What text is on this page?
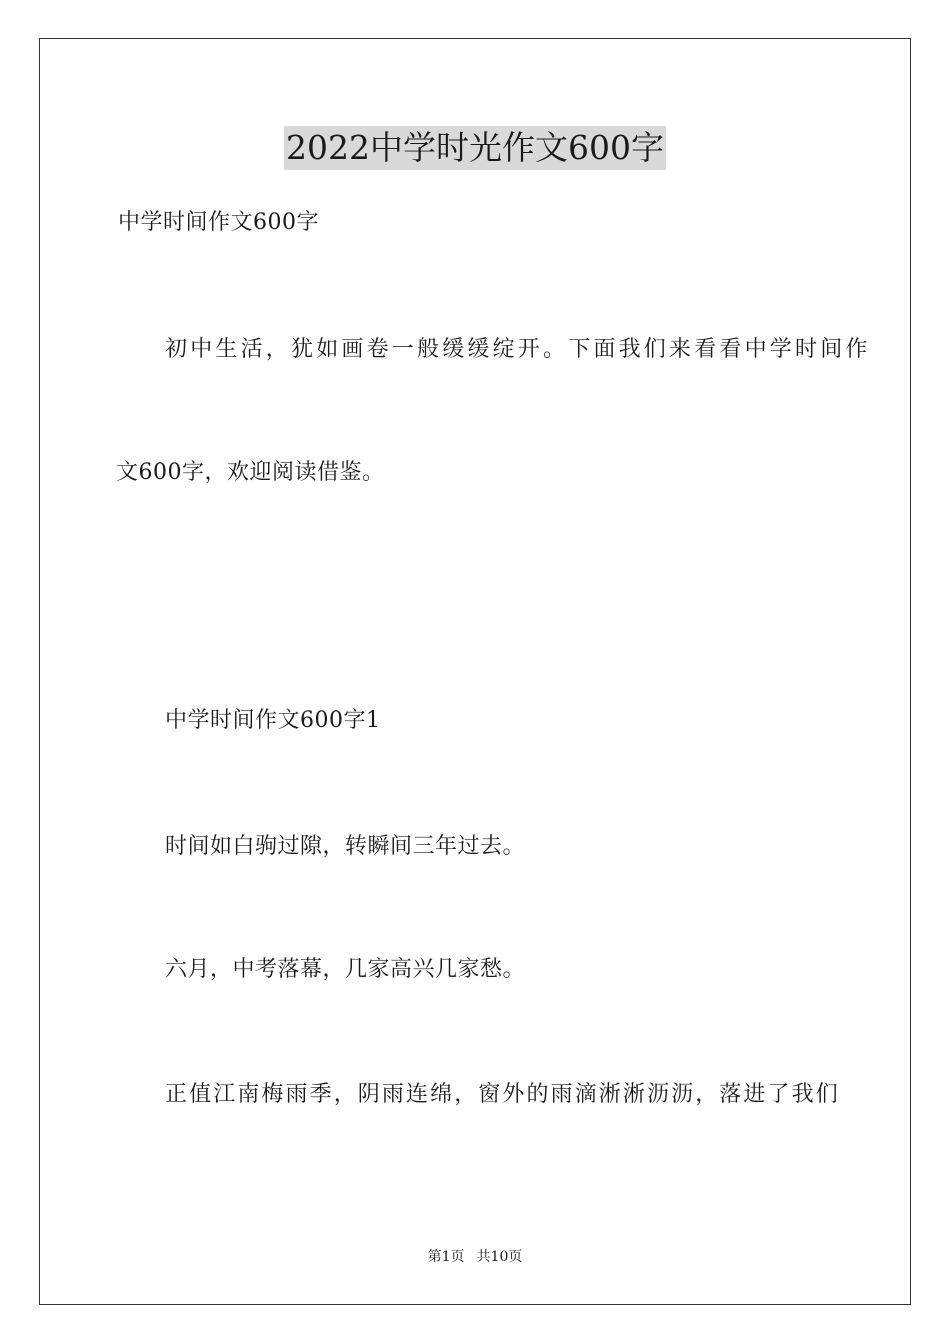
2022中学时光作文600字
中学时间作文600字
初中生活，犹如画卷一般缓缓绽开。下面我们来看看中学时间作
文600字，欢迎阅读借鉴。
中学时间作文600字1
时间如白驹过隙，转瞬间三年过去。
六月，中考落幕，几家高兴几家愁。
正值江南梅雨季，阴雨连绵，窗外的雨滴淅淅沥沥，落进了我们
第1页 共10页
